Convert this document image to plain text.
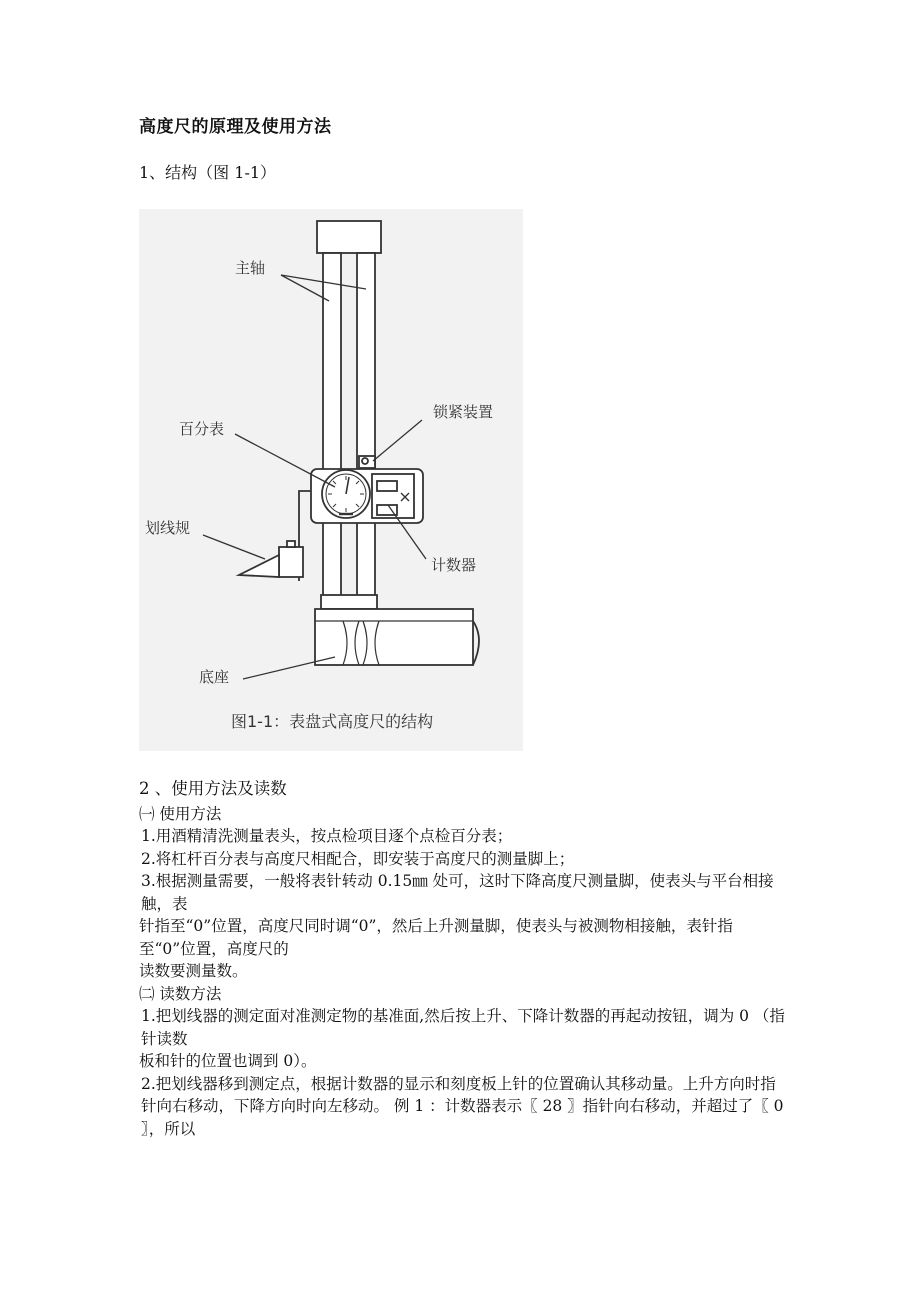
高度尺的原理及使用方法
1、结构（图 1-1）
主轴
锁紧装置
百分表
划线规
计数器
底座
图1-1：表盘式高度尺的结构

2 、使用方法及读数

㈠ 使用方法

1.用酒精清洗测量表头，按点检项目逐个点检百分表；

2.将杠杆百分表与高度尺相配合，即安装于高度尺的测量脚上；

3.根据测量需要，一般将表针转动 0.15㎜ 处可，这时下降高度尺测量脚，使表头与平台相接触，表

针指至“0”位置，高度尺同时调“0”，然后上升测量脚，使表头与被测物相接触，表针指至“0”位置，高度尺的

读数要测量数。

㈡ 读数方法

1.把划线器的测定面对准测定物的基准面,然后按上升、下降计数器的再起动按钮，调为 0 （指针读数

板和针的位置也调到 0）。

2.把划线器移到测定点，根据计数器的显示和刻度板上针的位置确认其移动量。上升方向时指针向右移动，下降方向时向左移动。 例 1 ：计数器表示〖 28 〗指针向右移动，并超过了〖 0 〗，所以
